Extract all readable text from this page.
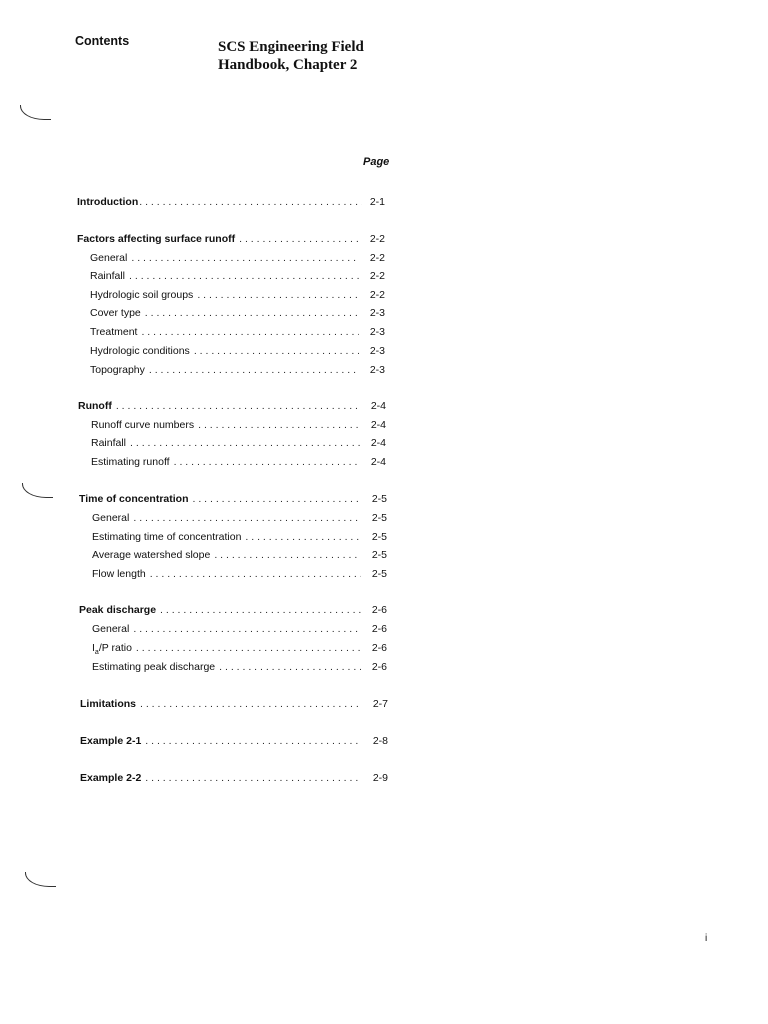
Contents	SCS Engineering Field
Handbook, Chapter 2
Page
Introduction . . .	2-1
Factors affecting surface runoff . . .	2-2
General . . .	2-2
Rainfall . . .	2-2
Hydrologic soil groups . . .	2-2
Cover type . . .	2-3
Treatment . . .	2-3
Hydrologic conditions . . .	2-3
Topography . . .	2-3
Runoff . . .	2-4
Runoff curve numbers . . .	2-4
Rainfall . . .	2-4
Estimating runoff . . .	2-4
Time of concentration . . .	2-5
General . . .	2-5
Estimating time of concentration . . .	2-5
Average watershed slope . . .	2-5
Flow length . . .	2-5
Peak discharge . . .	2-6
General . . .	2-6
$I_a/P$ ratio . . .	2-6
Estimating peak discharge . . .	2-6
Limitations . . .	2-7
Example 2-1 . . .	2-8
Example 2-2 . . .	2-9
i
